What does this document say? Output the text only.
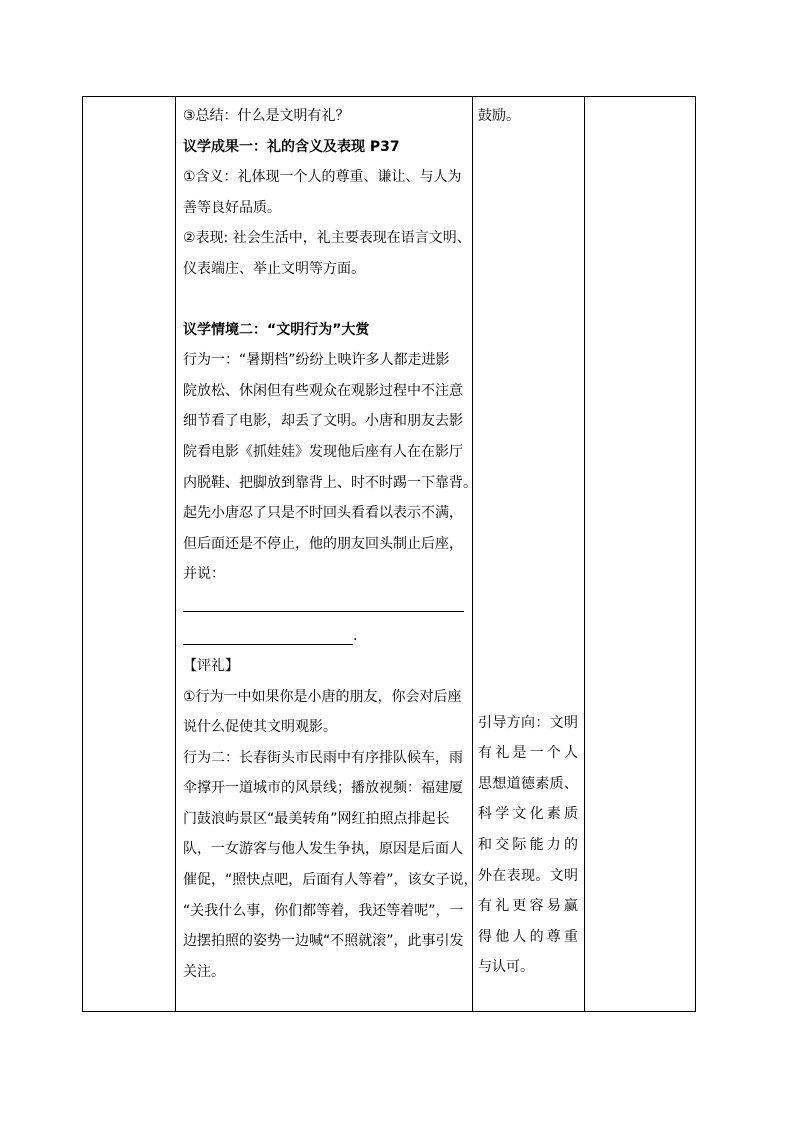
③总结：什么是文明有礼？
议学成果一：礼的含义及表现 P37
①含义：礼体现一个人的尊重、谦让、与人为
善等良好品质。
②表现: 社会生活中，礼主要表现在语言文明、
仪表端庄、举止文明等方面。
议学情境二：“文明行为”大赏
行为一：“暑期档”纷纷上映许多人都走进影
院放松、休闲但有些观众在观影过程中不注意
细节看了电影，却丢了文明。小唐和朋友去影
院看电影《抓娃娃》发现他后座有人在在影厅
内脱鞋、把脚放到靠背上、时不时踢一下靠背。
起先小唐忍了只是不时回头看看以表示不满，
但后面还是不停止，他的朋友回头制止后座，
并说：
.
【评礼】
①行为一中如果你是小唐的朋友，你会对后座
说什么促使其文明观影。
行为二：长春街头市民雨中有序排队候车，雨
伞撑开一道城市的风景线；播放视频：福建厦
门鼓浪屿景区“最美转角”网红拍照点排起长
队，一女游客与他人发生争执，原因是后面人
催促，“照快点吧，后面有人等着”，该女子说，
“关我什么事，你们都等着，我还等着呢”，一
边摆拍照的姿势一边喊“不照就滚”，此事引发
关注。
鼓励。
引导方向：文明
有礼是一个人
思想道德素质、
科学文化素质
和交际能力的
外在表现。文明
有礼更容易赢
得他人的尊重
与认可。
